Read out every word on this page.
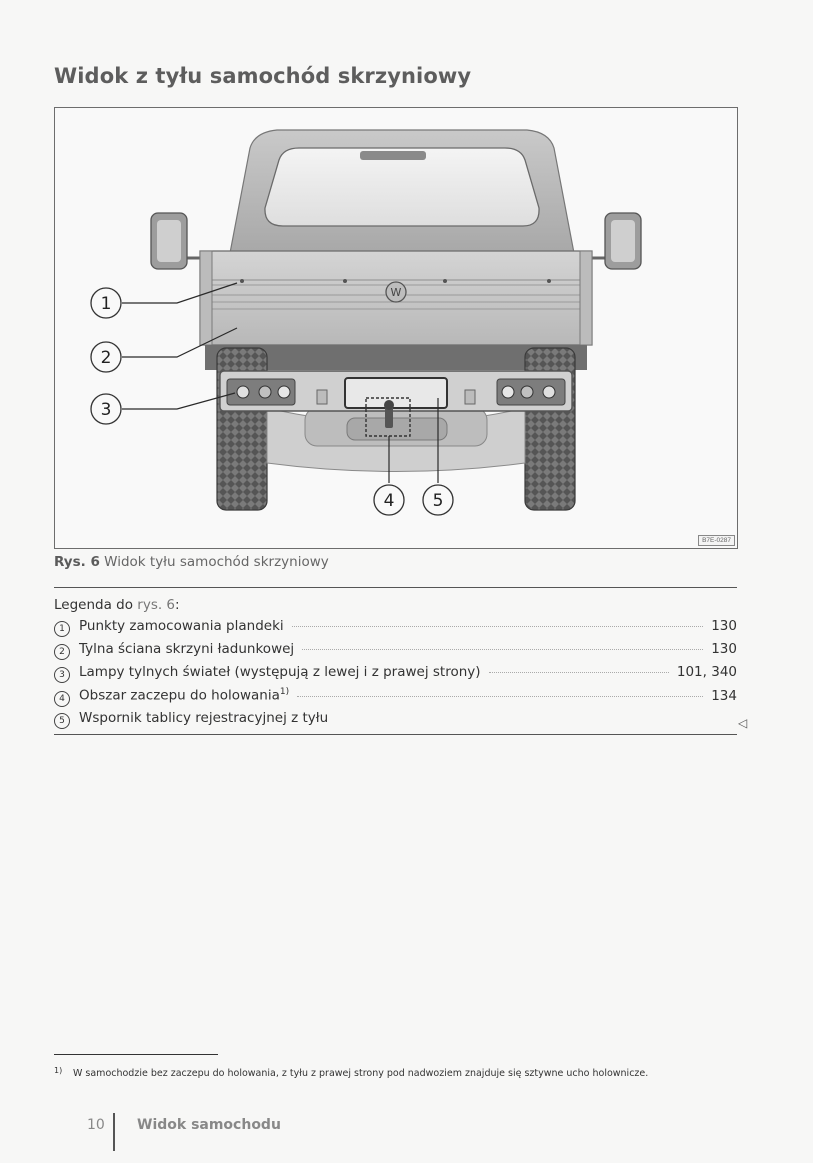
Widok z tyłu samochód skrzyniowy
W
1
2
3
4 5
B7E-0287
Rys. 6 Widok tyłu samochód skrzyniowy
Legenda do rys. 6:
1	Punkty zamocowania plandeki	130
2	Tylna ściana skrzyni ładunkowej	130
3	Lampy tylnych świateł (występują z lewej i z prawej strony)	101, 340
4	Obszar zaczepu do holowania$^{1)}$	134
5	Wspornik tablicy rejestracyjnej z tyłu	◁
1) W samochodzie bez zaczepu do holowania, z tyłu z prawej strony pod nadwoziem znajduje się sztywne ucho holownicze.
10 Widok samochodu
